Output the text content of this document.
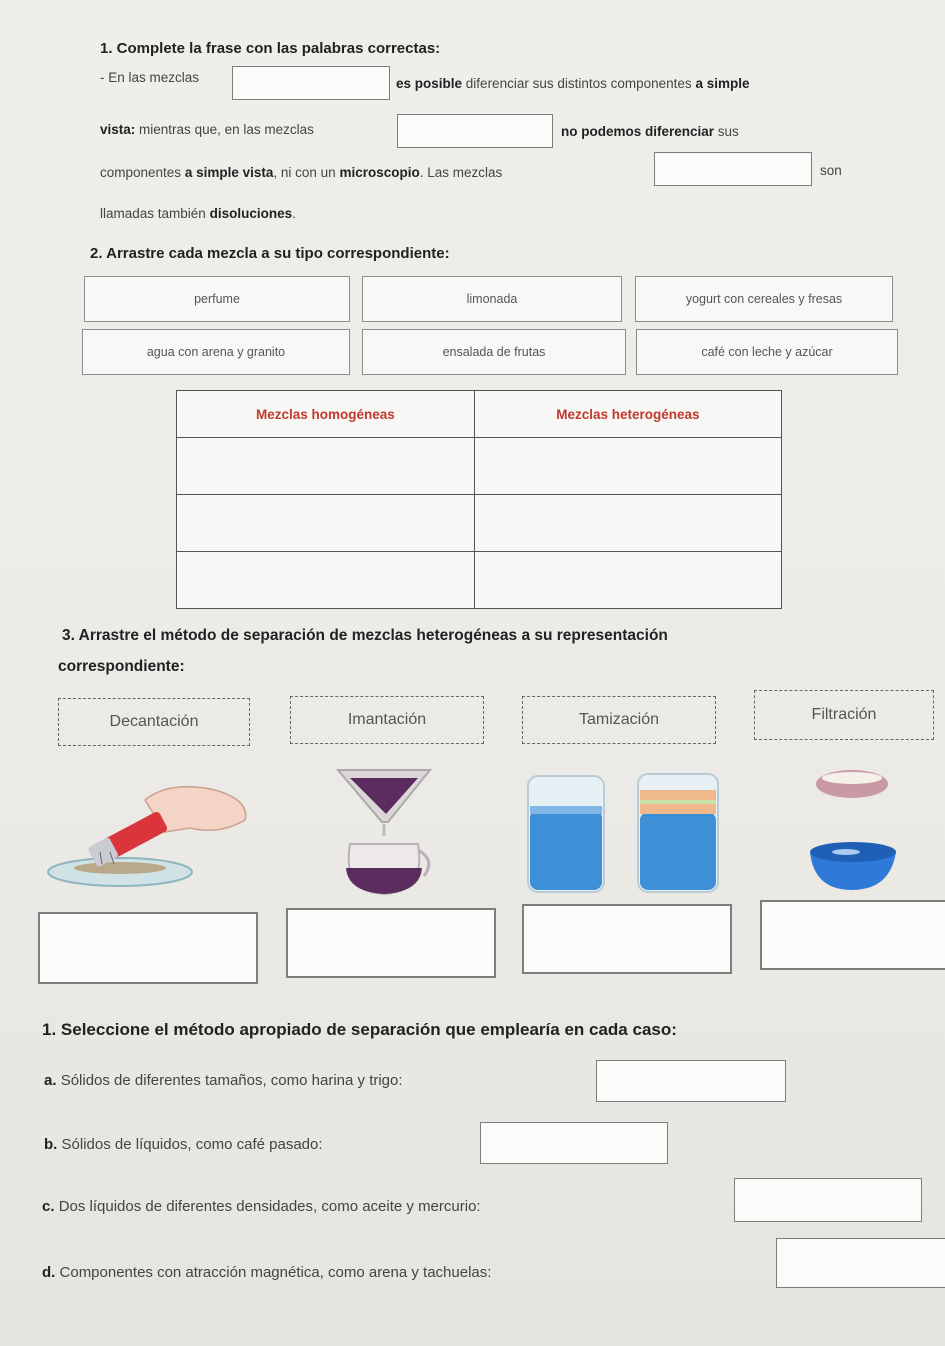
1. Complete la frase con las palabras correctas:
- En las mezclas	es posible diferenciar sus distintos componentes a simple
vista: mientras que, en las mezclas	no podemos diferenciar sus
componentes a simple vista, ni con un microscopio. Las mezclas	son
llamadas también disoluciones.
2. Arrastre cada mezcla a su tipo correspondiente:
perfume	limonada	yogurt con cereales y fresas
agua con arena y granito	ensalada de frutas	café con leche y azúcar
Mezclas homogéneas	Mezclas heterogéneas

3. Arrastre el método de separación de mezclas heterogéneas a su representación
correspondiente:
Decantación	Imantación	Tamización	Filtración
1. Seleccione el método apropiado de separación que emplearía en cada caso:
a. Sólidos de diferentes tamaños, como harina y trigo:
b. Sólidos de líquidos, como café pasado:
c. Dos líquidos de diferentes densidades, como aceite y mercurio:
d. Componentes con atracción magnética, como arena y tachuelas:
